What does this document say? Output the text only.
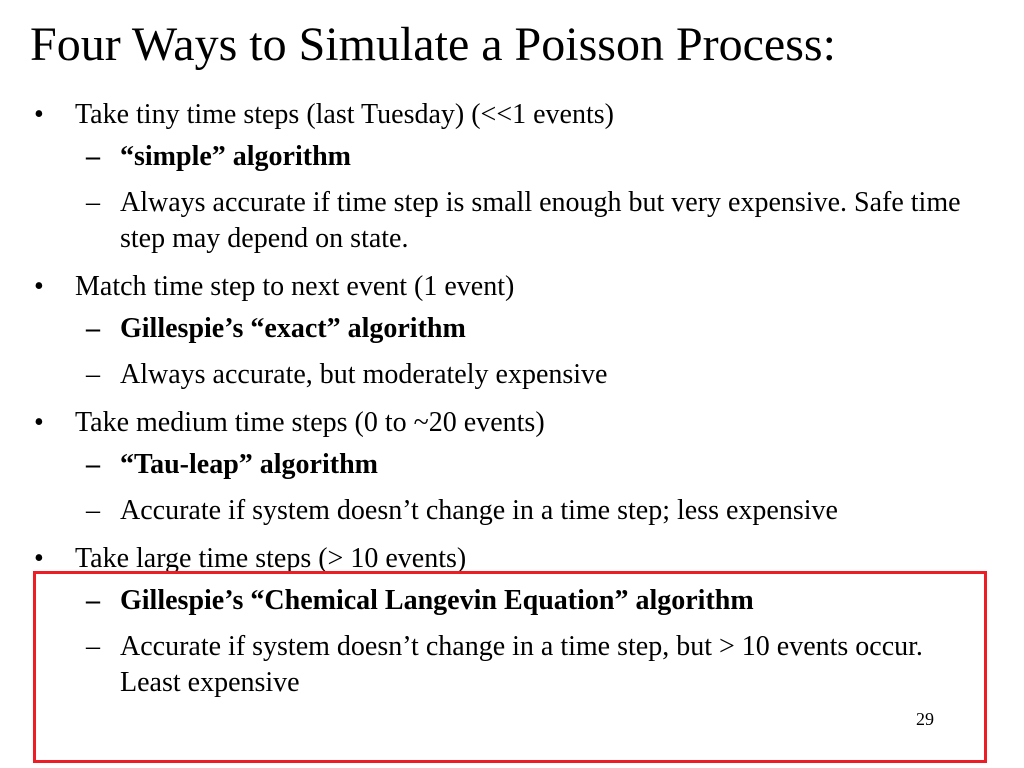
Four Ways to Simulate a Poisson Process:
• Take tiny time steps (last Tuesday) (<<1 events)
– “simple” algorithm
– Always accurate if time step is small enough but very expensive. Safe time step may depend on state.
• Match time step to next event (1 event)
– Gillespie’s “exact” algorithm
– Always accurate, but moderately expensive
• Take medium time steps (0 to ~20 events)
– “Tau-leap” algorithm
– Accurate if system doesn’t change in a time step; less expensive
• Take large time steps (> 10 events)
– Gillespie’s “Chemical Langevin Equation” algorithm
– Accurate if system doesn’t change in a time step, but > 10 events occur. Least expensive
29
